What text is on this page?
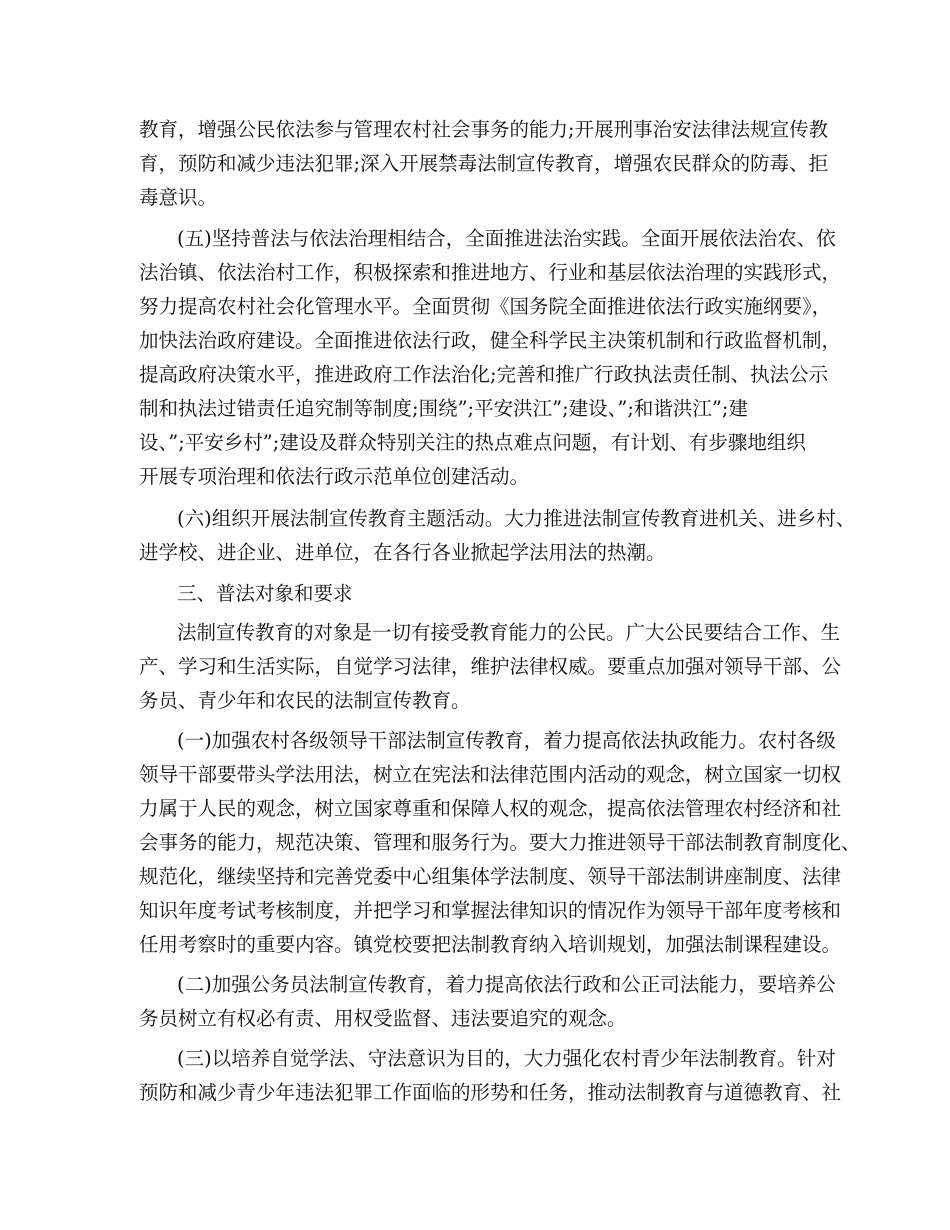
教育，增强公民依法参与管理农村社会事务的能力;开展刑事治安法律法规宣传教
育，预防和减少违法犯罪;深入开展禁毒法制宣传教育，增强农民群众的防毒、拒
毒意识。
(五)坚持普法与依法治理相结合，全面推进法治实践。全面开展依法治农、依
法治镇、依法治村工作，积极探索和推进地方、行业和基层依法治理的实践形式，
努力提高农村社会化管理水平。全面贯彻《国务院全面推进依法行政实施纲要》，
加快法治政府建设。全面推进依法行政，健全科学民主决策机制和行政监督机制，
提高政府决策水平，推进政府工作法治化;完善和推广行政执法责任制、执法公示
制和执法过错责任追究制等制度;围绕”;平安洪江”;建设、”;和谐洪江”;建
设、”;平安乡村”;建设及群众特别关注的热点难点问题，有计划、有步骤地组织
开展专项治理和依法行政示范单位创建活动。
(六)组织开展法制宣传教育主题活动。大力推进法制宣传教育进机关、进乡村、
进学校、进企业、进单位，在各行各业掀起学法用法的热潮。
三、普法对象和要求
法制宣传教育的对象是一切有接受教育能力的公民。广大公民要结合工作、生
产、学习和生活实际，自觉学习法律，维护法律权威。要重点加强对领导干部、公
务员、青少年和农民的法制宣传教育。
(一)加强农村各级领导干部法制宣传教育，着力提高依法执政能力。农村各级
领导干部要带头学法用法，树立在宪法和法律范围内活动的观念，树立国家一切权
力属于人民的观念，树立国家尊重和保障人权的观念，提高依法管理农村经济和社
会事务的能力，规范决策、管理和服务行为。要大力推进领导干部法制教育制度化、
规范化，继续坚持和完善党委中心组集体学法制度、领导干部法制讲座制度、法律
知识年度考试考核制度，并把学习和掌握法律知识的情况作为领导干部年度考核和
任用考察时的重要内容。镇党校要把法制教育纳入培训规划，加强法制课程建设。
(二)加强公务员法制宣传教育，着力提高依法行政和公正司法能力，要培养公
务员树立有权必有责、用权受监督、违法要追究的观念。
(三)以培养自觉学法、守法意识为目的，大力强化农村青少年法制教育。针对
预防和减少青少年违法犯罪工作面临的形势和任务，推动法制教育与道德教育、社
